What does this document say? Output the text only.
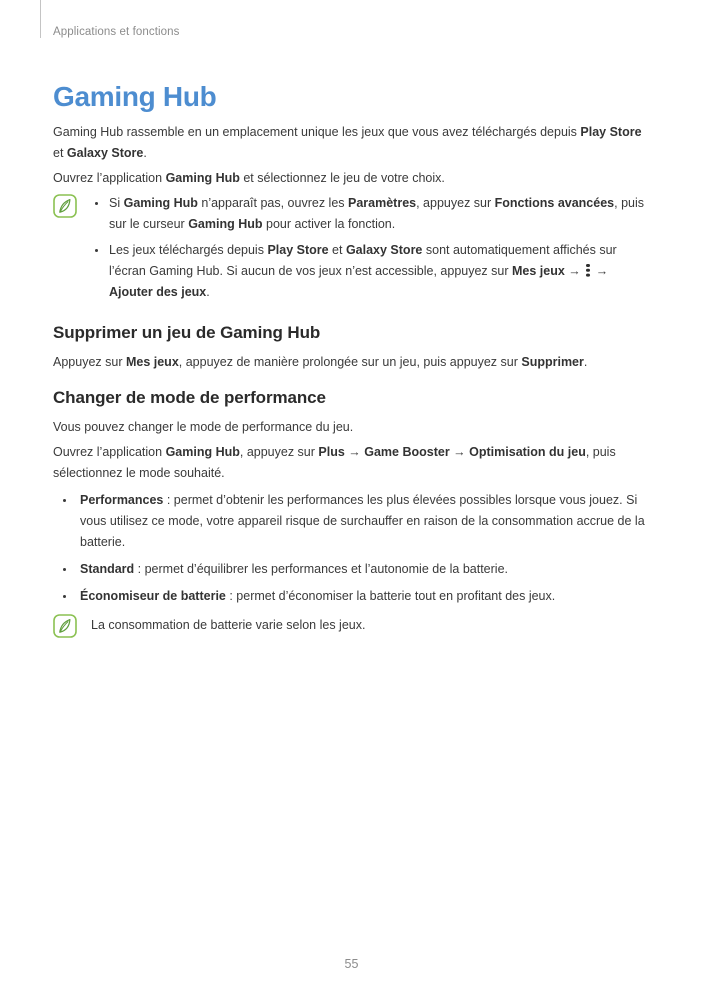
Applications et fonctions
Gaming Hub

Gaming Hub rassemble en un emplacement unique les jeux que vous avez téléchargés depuis Play Store et Galaxy Store.

Ouvrez l’application Gaming Hub et sélectionnez le jeu de votre choix.

Si Gaming Hub n’apparaît pas, ouvrez les Paramètres, appuyez sur Fonctions avancées, puis sur le curseur Gaming Hub pour activer la fonction.
Les jeux téléchargés depuis Play Store et Galaxy Store sont automatiquement affichés sur l’écran Gaming Hub. Si aucun de vos jeux n’est accessible, appuyez sur Mes jeux →  → Ajouter des jeux.
Supprimer un jeu de Gaming Hub

Appuyez sur Mes jeux, appuyez de manière prolongée sur un jeu, puis appuyez sur Supprimer.

Changer de mode de performance

Vous pouvez changer le mode de performance du jeu.

Ouvrez l’application Gaming Hub, appuyez sur Plus → Game Booster → Optimisation du jeu, puis sélectionnez le mode souhaité.

Performances : permet d’obtenir les performances les plus élevées possibles lorsque vous jouez. Si vous utilisez ce mode, votre appareil risque de surchauffer en raison de la consommation accrue de la batterie.
Standard : permet d’équilibrer les performances et l’autonomie de la batterie.
Économiseur de batterie : permet d’économiser la batterie tout en profitant des jeux.
La consommation de batterie varie selon les jeux.
55
